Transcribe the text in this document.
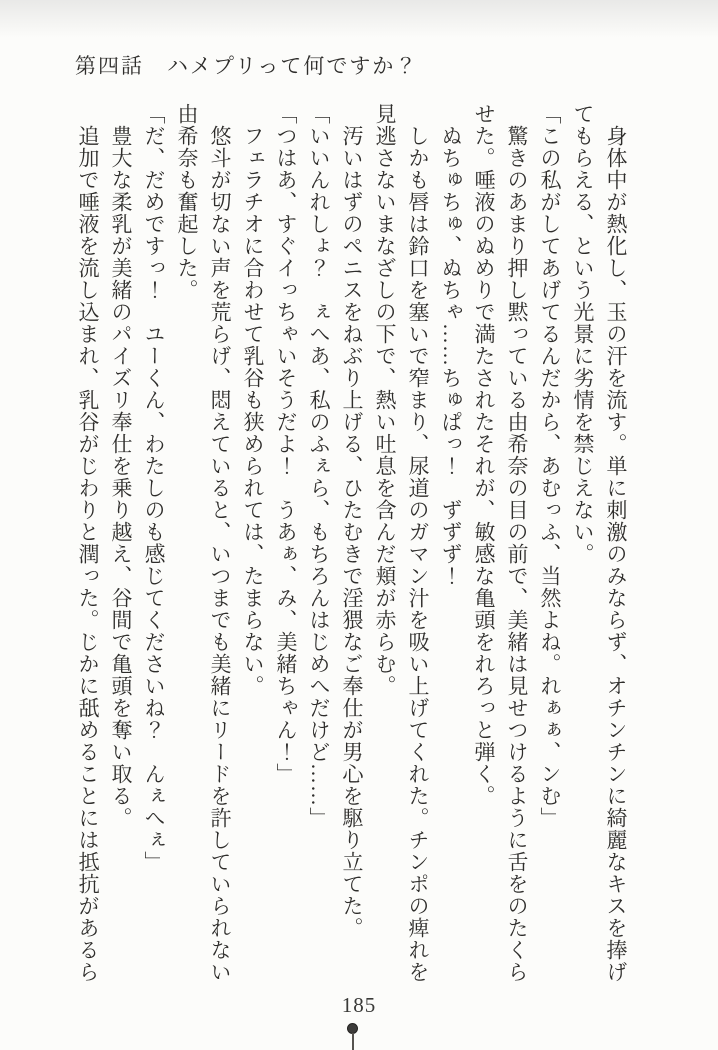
第四話　ハメプリって何ですか？

　身体中が熱化し、玉の汗を流す。単に刺激のみならず、オチンチンに綺麗なキスを捧げ

てもらえる、という光景に劣情を禁じえない。

「この私がしてあげてるんだから、あむっふ、当然よね。れぁぁ、ンむ」

　驚きのあまり押し黙っている由希奈の目の前で、美緒は見せつけるように舌をのたくら

せた。唾液のぬめりで満たされたそれが、敏感な亀頭をれろっと弾く。

　ぬちゅちゅ、ぬちゃ……ちゅぱっ！　ずずず！

　しかも唇は鈴口を塞いで窄まり、尿道のガマン汁を吸い上げてくれた。チンポの痺れを

見逃さないまなざしの下で、熱い吐息を含んだ頬が赤らむ。

　汚いはずのペニスをねぶり上げる、ひたむきで淫猥なご奉仕が男心を駆り立てた。

「いいんれしょ？　ぇへあ、私のふぇら、もちろんはじめへだけど……」

「つはあ、すぐイっちゃいそうだよ！　うあぁ、み、美緒ちゃん！」

　フェラチオに合わせて乳谷も狭められては、たまらない。

　悠斗が切ない声を荒らげ、悶えていると、いつまでも美緒にリードを許していられない

由希奈も奮起した。

「だ、だめですっ！　ユーくん、わたしのも感じてくださいね？　んぇへぇ」

　豊大な柔乳が美緒のパイズリ奉仕を乗り越え、谷間で亀頭を奪い取る。

　追加で唾液を流し込まれ、乳谷がじわりと潤った。じかに舐めることには抵抗があるら

185
